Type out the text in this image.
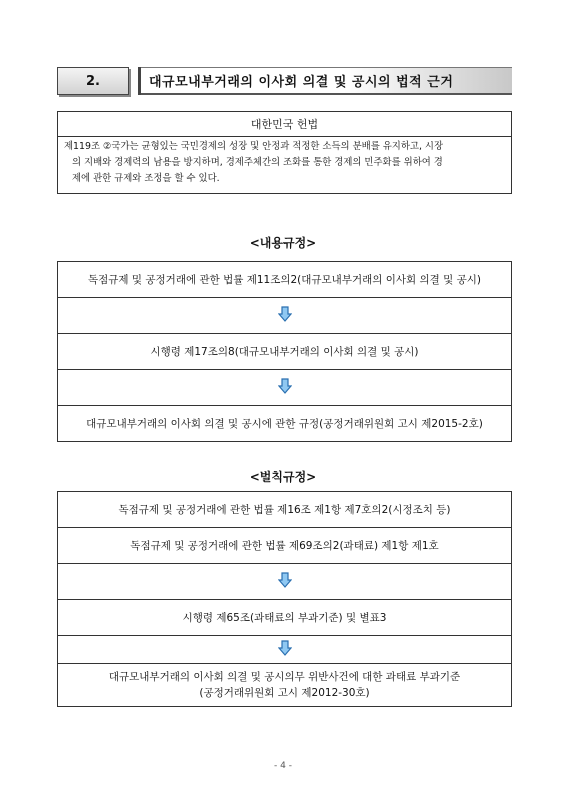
2.	대규모내부거래의 이사회 의결 및 공시의 법적 근거
대한민국 헌법
제119조 ②국가는 균형있는 국민경제의 성장 및 안정과 적정한 소득의 분배를 유지하고, 시장
의 지배와 경제력의 남용을 방지하며, 경제주체간의 조화를 통한 경제의 민주화를 위하여 경
제에 관한 규제와 조정을 할 수 있다.
<내용규정>
독점규제 및 공정거래에 관한 법률 제11조의2(대규모내부거래의 이사회 의결 및 공시)
시행령 제17조의8(대규모내부거래의 이사회 의결 및 공시)
대규모내부거래의 이사회 의결 및 공시에 관한 규정(공정거래위원회 고시 제2015-2호)
<벌칙규정>
독점규제 및 공정거래에 관한 법률 제16조 제1항 제7호의2(시정조치 등)
독점규제 및 공정거래에 관한 법률 제69조의2(과태료) 제1항 제1호
시행령 제65조(과태료의 부과기준) 및 별표3
대규모내부거래의 이사회 의결 및 공시의무 위반사건에 대한 과태료 부과기준
(공정거래위원회 고시 제2012-30호)
- 4 -
